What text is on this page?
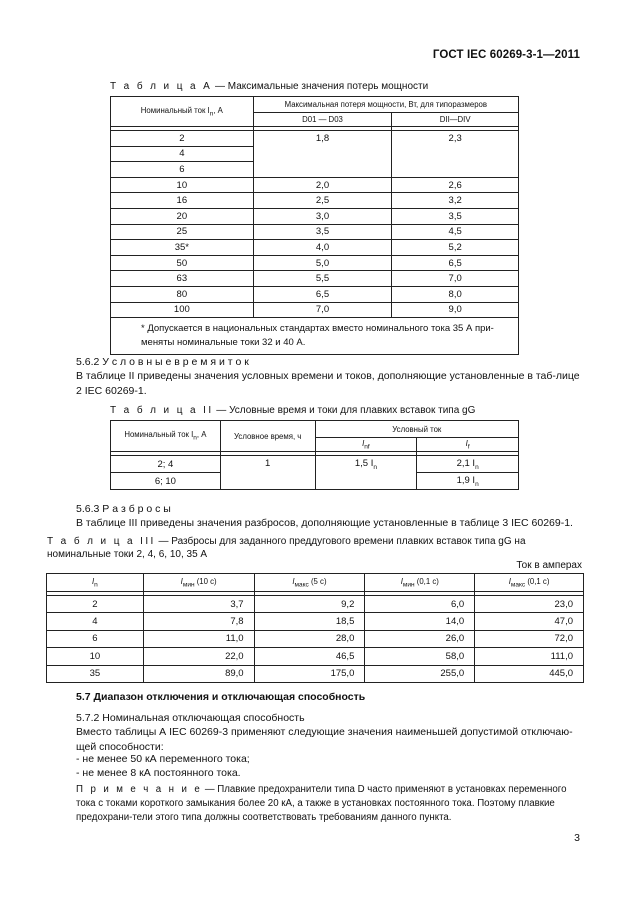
ГОСТ IEC 60269-3-1—2011
Т а б л и ц а А — Максимальные значения потерь мощности
Номинальный ток $I_n$, А	Максимальная потеря мощности, Вт, для типоразмеров	
	D01 — D03	DII—DIV

2	1,8	2,3
4		
6		
10	2,0	2,6
16	2,5	3,2
20	3,0	3,5
25	3,5	4,5
35*	4,0	5,2
50	5,0	6,5
63	5,5	7,0
80	6,5	8,0
100	7,0	9,0
* Допускается в национальных стандартах вместо номинального тока 35 А при-меняты номинальные токи 32 и 40 А.		
5.6.2 У с л о в н ы е в р е м я и т о к
В таблице II приведены значения условных времени и токов, дополняющие установленные в таб-лице 2 IEC 60269-1.
Т а б л и ц а II — Условные время и токи для плавких вставок типа gG
Номинальный ток $I_n$, А	Условное время, ч	Условный ток	
		$I_{nf}$	$I_f$

2; 4	1	1,5 $I_n$	2,1 $I_n$
6; 10			1,9 $I_n$
5.6.3 Р а з б р о с ы
В таблице III приведены значения разбросов, дополняющие установленные в таблице 3 IEC 60269-1.
Т а б л и ц а III — Разбросы для заданного преддугового времени плавких вставок типа gG на номинальные токи 2, 4, 6, 10, 35 А
Ток в амперах
$I_n$	$I_{мин}$ (10 с)	$I_{макс}$ (5 с)	$I_{мин}$ (0,1 с)	$I_{макс}$ (0,1 с)

2	3,7	9,2	6,0	23,0
4	7,8	18,5	14,0	47,0
6	11,0	28,0	26,0	72,0
10	22,0	46,5	58,0	111,0
35	89,0	175,0	255,0	445,0
5.7 Диапазон отключения и отключающая способность
5.7.2 Номинальная отключающая способность
Вместо таблицы А IEC 60269-3 применяют следующие значения наименьшей допустимой отключаю-щей способности:
- не менее 50 кА переменного тока;
- не менее 8 кА постоянного тока.
П р и м е ч а н и е — Плавкие предохранители типа D часто применяют в установках переменного тока с токами короткого замыкания более 20 кА, а также в установках постоянного тока. Поэтому плавкие предохрани-тели этого типа должны соответствовать требованиям данного пункта.
3
